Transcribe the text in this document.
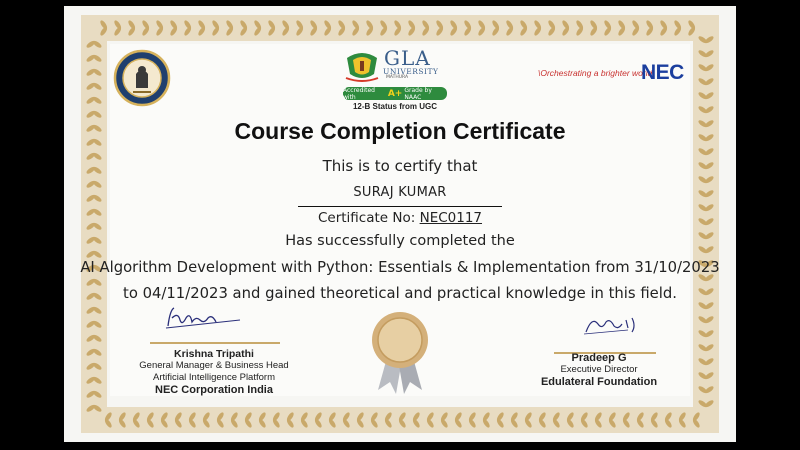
GLA
UNIVERSITY
MATHURA
Accredited with	A+ Grade by NAAC
12-B Status from UGC
\Orchestrating a brighter world
NEC
Course Completion Certificate
This is to certify that
SURAJ KUMAR
Certificate No: NEC0117
Has successfully completed the
AI Algorithm Development with Python: Essentials & Implementation from 31/10/2023
to 04/11/2023 and gained theoretical and practical knowledge in this field.
Krishna Tripathi
General Manager & Business Head
Artificial Intelligence Platform
NEC Corporation India
Pradeep G
Executive Director
Edulateral Foundation
